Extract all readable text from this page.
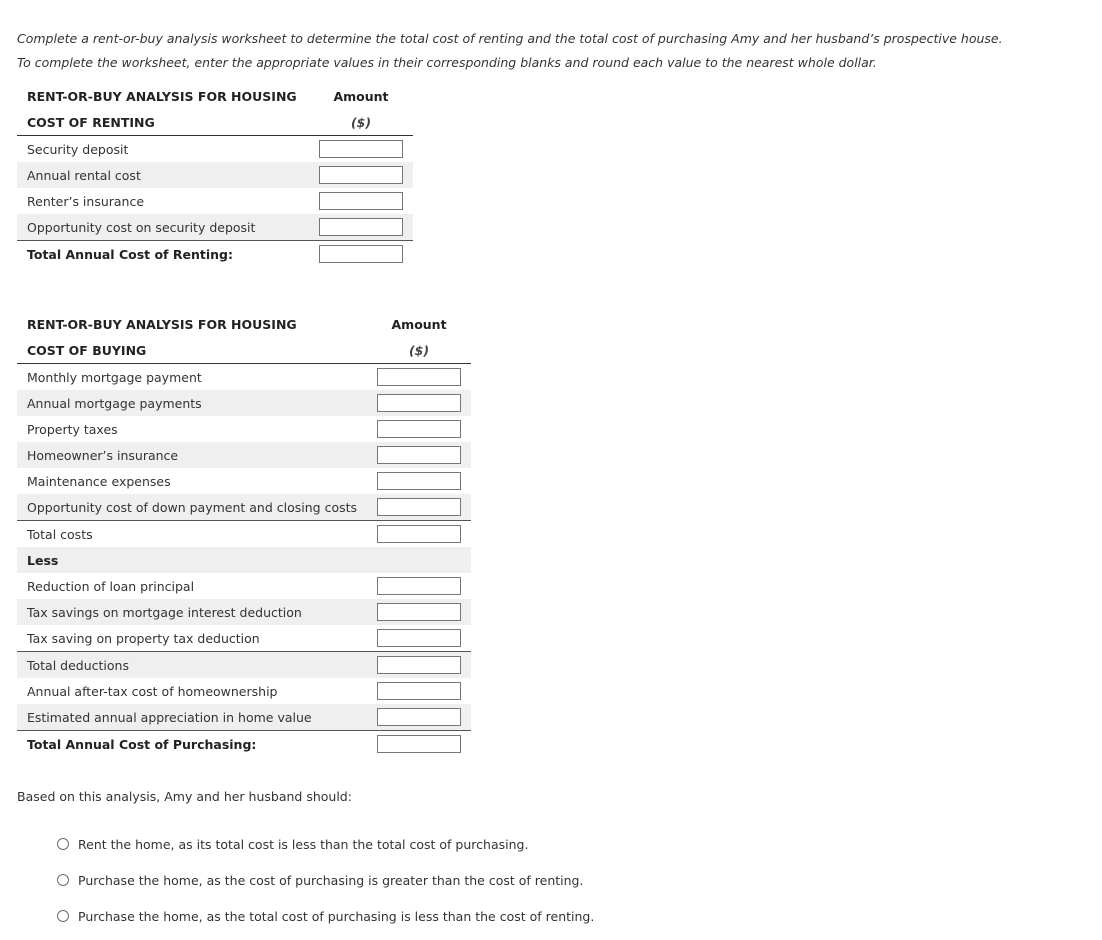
Complete a rent-or-buy analysis worksheet to determine the total cost of renting and the total cost of purchasing Amy and her husband’s prospective house. To complete the worksheet, enter the appropriate values in their corresponding blanks and round each value to the nearest whole dollar.
RENT-OR-BUY ANALYSIS FOR HOUSING	Amount
COST OF RENTING	($)
Security deposit	
Annual rental cost	
Renter’s insurance	
Opportunity cost on security deposit	
Total Annual Cost of Renting:	
RENT-OR-BUY ANALYSIS FOR HOUSING	Amount
COST OF BUYING	($)
Monthly mortgage payment	
Annual mortgage payments	
Property taxes	
Homeowner’s insurance	
Maintenance expenses	
Opportunity cost of down payment and closing costs	
Total costs	
Less	
Reduction of loan principal	
Tax savings on mortgage interest deduction	
Tax saving on property tax deduction	
Total deductions	
Annual after-tax cost of homeownership	
Estimated annual appreciation in home value	
Total Annual Cost of Purchasing:	
Based on this analysis, Amy and her husband should:
Rent the home, as its total cost is less than the total cost of purchasing.
Purchase the home, as the cost of purchasing is greater than the cost of renting.
Purchase the home, as the total cost of purchasing is less than the cost of renting.
